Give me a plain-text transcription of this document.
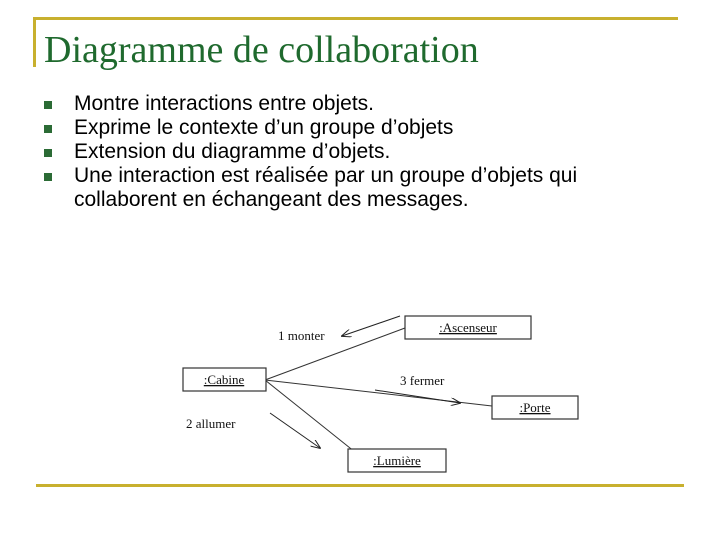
Diagramme de collaboration
Montre interactions entre objets.
Exprime le contexte d’un groupe d’objets
Extension du diagramme d’objets.
Une interaction est réalisée par un groupe d’objets qui collaborent en échangeant des messages.
:Ascenseur
:Cabine
:Porte
:Lumière
1 monter
3 fermer
2 allumer
